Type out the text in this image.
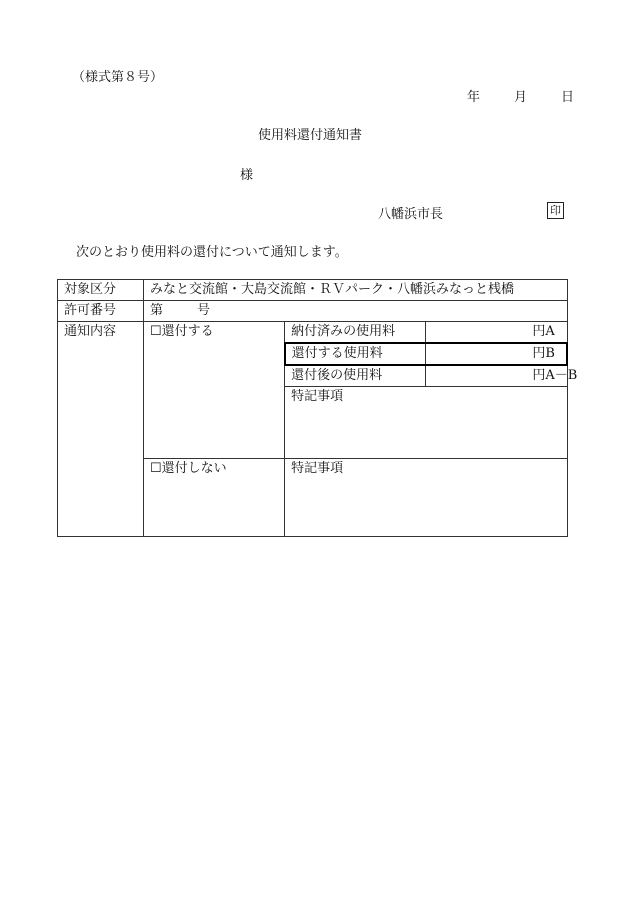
（様式第８号）
年	月	日
使用料還付通知書
様
八幡浜市長	印
次のとおり使用料の還付について通知します。
対象区分	みなと交流館・大島交流館・ＲＶパーク・八幡浜みなっと桟橋		
許可番号	第 号		
通知内容	☐還付する	納付済みの使用料	円 A

		還付する使用料	円 B

		還付後の使用料	円 A－B

		特記事項	
	☐還付しない	特記事項	
